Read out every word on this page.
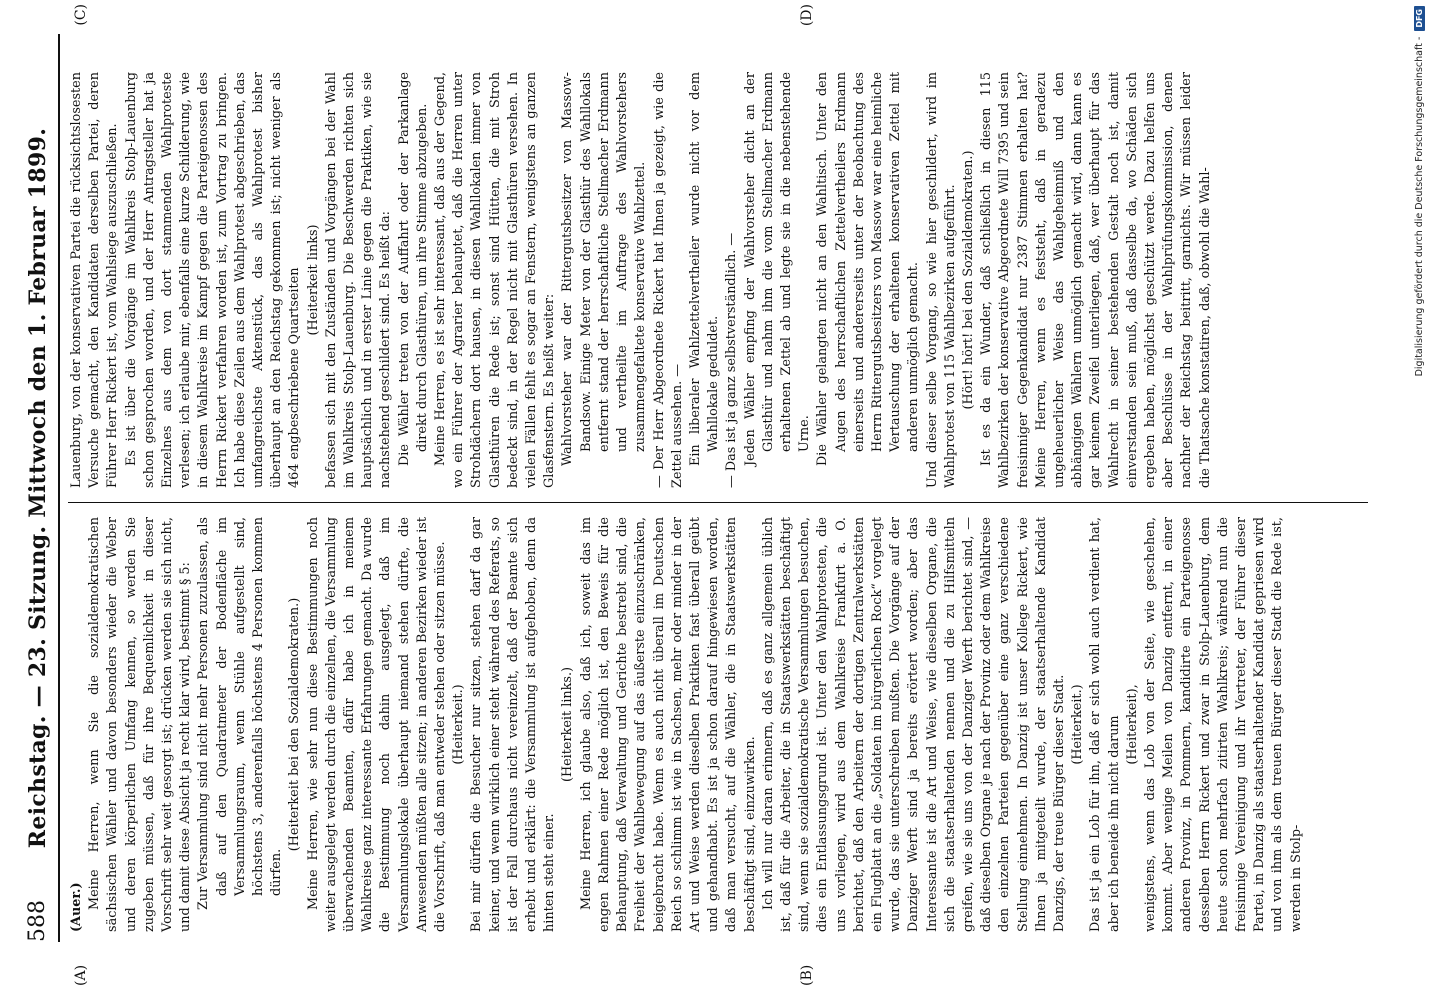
588
Reichstag. — 23. Sitzung. Mittwoch den 1. Februar 1899.
(A)	(B)
(C)	(D)

(Auer.) Meine Herren, wenn Sie die sozialdemokratischen sächsischen Wähler und davon besonders wieder die Weber und deren körperlichen Umfang kennen, so werden Sie zugeben müssen, daß für ihre Bequemlichkeit in dieser Vorschrift sehr weit gesorgt ist; drücken werden sie sich nicht, und damit diese Absicht ja recht klar wird, bestimmt § 5: Zur Versammlung sind nicht mehr Personen zuzulassen, als daß auf den Quadratmeter der Bodenfläche im Versammlungsraum, wenn Stühle aufgestellt sind, höchstens 3, anderenfalls höchstens 4 Personen kommen dürfen.

(Heiterkeit bei den Sozialdemokraten.) Meine Herren, wie sehr nun diese Bestimmungen noch weiter ausgelegt werden durch die einzelnen, die Versammlung überwachenden Beamten, dafür habe ich in meinem Wahlkreise ganz interessante Erfahrungen gemacht. Da wurde die Bestimmung noch dahin ausgelegt, daß im Versammlungslokale überhaupt niemand stehen dürfte, die Anwesenden müßten alle sitzen; in anderen Bezirken wieder ist die Vorschrift, daß man entweder stehen oder sitzen müsse. (Heiterkeit.) Bei mir dürfen die Besucher nur sitzen, stehen darf da gar keiner, und wenn wirklich einer steht während des Referats, so ist der Fall durchaus nicht vereinzelt, daß der Beamte sich erhebt und erklärt: die Versammlung ist aufgehoben, denn da hinten steht einer.

(Heiterkeit links.) Meine Herren, ich glaube also, daß ich, soweit das im engen Rahmen einer Rede möglich ist, den Beweis für die Behauptung, daß Verwaltung und Gerichte bestrebt sind, die Freiheit der Wahlbewegung auf das äußerste einzuschränken, beigebracht habe. Wenn es auch nicht überall im Deutschen Reich so schlimm ist wie in Sachsen, mehr oder minder in der Art und Weise werden dieselben Praktiken fast überall geübt und gehandhabt. Es ist ja schon darauf hingewiesen worden, daß man versucht, auf die Wähler, die in Staatswerkstätten beschäftigt sind, einzuwirken. Ich will nur daran erinnern, daß es ganz allgemein üblich ist, daß für die Arbeiter, die in Staatswerkstätten beschäftigt sind, wenn sie sozialdemokratische Versammlungen besuchen, dies ein Entlassungsgrund ist. Unter den Wahlprotesten, die uns vorliegen, wird aus dem Wahlkreise Frankfurt a. O. berichtet, daß den Arbeitern der dortigen Zentralwerkstätten ein Flugblatt an die „Soldaten im bürgerlichen Rock“ vorgelegt wurde, das sie unterschreiben mußten. Die Vorgänge auf der Danziger Werft sind ja bereits erörtert worden; aber das Interessante ist die Art und Weise, wie dieselben Organe, die sich die staatserhaltenden nennen und die zu Hilfsmitteln greifen, wie sie uns von der Danziger Werft berichtet sind, — daß dieselben Organe je nach der Provinz oder dem Wahlkreise den einzelnen Parteien gegenüber eine ganz verschiedene Stellung einnehmen. In Danzig ist unser Kollege Rickert, wie Ihnen ja mitgeteilt wurde, der staatserhaltende Kandidat Danzigs, der treue Bürger dieser Stadt. (Heiterkeit.) Das ist ja ein Lob für ihn, daß er sich wohl auch verdient hat, aber ich beneide ihn nicht darum (Heiterkeit), wenigstens, wenn das Lob von der Seite, wie geschehen, kommt. Aber wenige Meilen von Danzig entfernt, in einer anderen Provinz, in Pommern, kandidirte ein Parteigenosse desselben Herrn Rickert und zwar in Stolp-Lauenburg, dem heute schon mehrfach zitirten Wahlkreis; während nun die freisinnige Vereinigung und ihr Vertreter, der Führer dieser Partei, in Danzig als staatserhaltender Kandidat gepriesen wird und von ihm als dem treuen Bürger dieser Stadt die Rede ist, werden in Stolp-

Lauenburg, von der konservativen Partei die rücksichtslosesten Versuche gemacht, den Kandidaten derselben Partei, deren Führer Herr Rickert ist, vom Wahlsiege auszuschließen. Es ist über die Vorgänge im Wahlkreis Stolp-Lauenburg schon gesprochen worden, und der Herr Antragsteller hat ja Einzelnes aus dem von dort stammenden Wahlproteste verlesen; ich erlaube mir, ebenfalls eine kurze Schilderung, wie in diesem Wahlkreise im Kampf gegen die Parteigenossen des Herrn Rickert verfahren worden ist, zum Vortrag zu bringen. Ich habe diese Zeilen aus dem Wahlprotest abgeschrieben, das umfangreichste Aktenstück, das als Wahlprotest bisher überhaupt an den Reichstag gekommen ist; nicht weniger als 464 engbeschriebene Quartseiten (Heiterkeit links) befassen sich mit den Zuständen und Vorgängen bei der Wahl im Wahlkreis Stolp-Lauenburg. Die Beschwerden richten sich hauptsächlich und in erster Linie gegen die Praktiken, wie sie nachstehend geschildert sind. Es heißt da: Die Wähler treten von der Auffahrt oder der Parkanlage direkt durch Glasthüren, um ihre Stimme abzugeben. Meine Herren, es ist sehr interessant, daß aus der Gegend, wo ein Führer der Agrarier behauptet, daß die Herren unter Strohdächern dort hausen, in diesen Wahllokalen immer von Glasthüren die Rede ist; sonst sind Hütten, die mit Stroh bedeckt sind, in der Regel nicht mit Glasthüren versehen. In vielen Fällen fehlt es sogar an Fenstern, wenigstens an ganzen Glasfenstern. Es heißt weiter: Wahlvorsteher war der Rittergutsbesitzer von Massow-Bandsow. Einige Meter von der Glasthür des Wahllokals entfernt stand der herrschaftliche Stellmacher Erdmann und vertheilte im Auftrage des Wahlvorstehers zusammengefaltete konservative Wahlzettel. — Der Herr Abgeordnete Rickert hat Ihnen ja gezeigt, wie die Zettel aussehen. — Ein liberaler Wahlzettelvertheiler wurde nicht vor dem Wahllokale geduldet. — Das ist ja ganz selbstverständlich. — Jeden Wähler empfing der Wahlvorsteher dicht an der Glasthür und nahm ihm die vom Stellmacher Erdmann erhaltenen Zettel ab und legte sie in die nebenstehende Urne. Die Wähler gelangten nicht an den Wahltisch. Unter den Augen des herrschaftlichen Zettelvertheilers Erdmann einerseits und andererseits unter der Beobachtung des Herrn Rittergutsbesitzers von Massow war eine heimliche Vertauschung der erhaltenen konservativen Zettel mit anderen unmöglich gemacht. Und dieser selbe Vorgang, so wie hier geschildert, wird im Wahlprotest von 115 Wahlbezirken aufgeführt. (Hört! hört! bei den Sozialdemokraten.) Ist es da ein Wunder, daß schließlich in diesen 115 Wahlbezirken der konservative Abgeordnete Will 7395 und sein freisinniger Gegenkandidat nur 2387 Stimmen erhalten hat? Meine Herren, wenn es feststeht, daß in geradezu ungeheuerlicher Weise das Wahlgeheimniß und den abhängigen Wählern unmöglich gemacht wird, dann kann es gar keinem Zweifel unterliegen, daß, wer überhaupt für das Wahlrecht in seiner bestehenden Gestalt noch ist, damit einverstanden sein muß, daß dasselbe da, wo Schäden sich ergeben haben, möglichst geschützt werde. Dazu helfen uns aber Beschlüsse in der Wahlprüfungskommission, denen nachher der Reichstag beitritt, garnichts. Wir müssen leider die Thatsache konstatiren, daß, obwohl die Wahl-	Digitalisierung gefördert durch die Deutsche Forschungsgemeinschaft -
DFG
